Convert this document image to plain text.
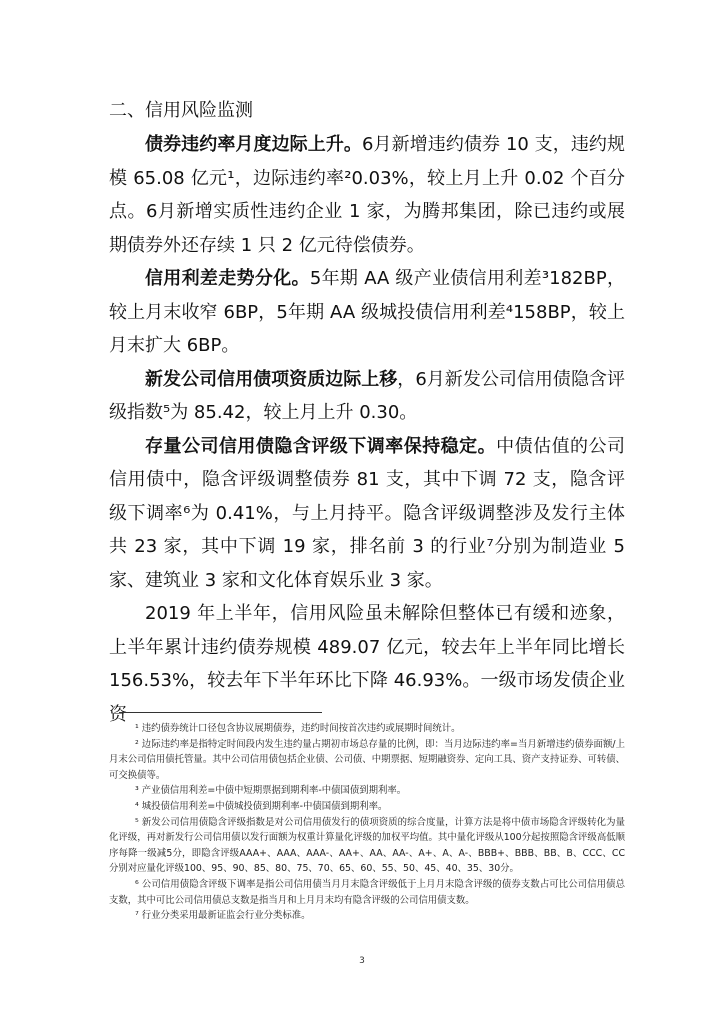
二、信用风险监测

债券违约率月度边际上升。6月新增违约债券 10 支，违约规模 65.08 亿元¹，边际违约率²0.03%，较上月上升 0.02 个百分点。6月新增实质性违约企业 1 家，为腾邦集团，除已违约或展期债券外还存续 1 只 2 亿元待偿债券。

信用利差走势分化。5年期 AA 级产业债信用利差³182BP，较上月末收窄 6BP，5年期 AA 级城投债信用利差⁴158BP，较上月末扩大 6BP。

新发公司信用债项资质边际上移，6月新发公司信用债隐含评级指数⁵为 85.42，较上月上升 0.30。

存量公司信用债隐含评级下调率保持稳定。中债估值的公司信用债中，隐含评级调整债券 81 支，其中下调 72 支，隐含评级下调率⁶为 0.41%，与上月持平。隐含评级调整涉及发行主体共 23 家，其中下调 19 家，排名前 3 的行业⁷分别为制造业 5 家、建筑业 3 家和文化体育娱乐业 3 家。

2019 年上半年，信用风险虽未解除但整体已有缓和迹象，上半年累计违约债券规模 489.07 亿元，较去年上半年同比增长 156.53%，较去年下半年环比下降 46.93%。一级市场发债企业资

¹ 违约债券统计口径包含协议展期债券，违约时间按首次违约或展期时间统计。

² 边际违约率是指特定时间段内发生违约量占期初市场总存量的比例，即：当月边际违约率=当月新增违约债券面额/上月末公司信用债托管量。其中公司信用债包括企业债、公司债、中期票据、短期融资券、定向工具、资产支持证券、可转债、可交换债等。

³ 产业债信用利差=中债中短期票据到期利率-中债国债到期利率。

⁴ 城投债信用利差=中债城投债到期利率-中债国债到期利率。

⁵ 新发公司信用债隐含评级指数是对公司信用债发行的债项资质的综合度量，计算方法是将中债市场隐含评级转化为量化评级，再对新发行公司信用债以发行面额为权重计算量化评级的加权平均值。其中量化评级从100分起按照隐含评级高低顺序每降一级减5分，即隐含评级AAA+、AAA、AAA-、AA+、AA、AA-、A+、A、A-、BBB+、BBB、BB、B、CCC、CC分别对应量化评级100、95、90、85、80、75、70、65、60、55、50、45、40、35、30分。

⁶ 公司信用债隐含评级下调率是指公司信用债当月月末隐含评级低于上月月末隐含评级的债券支数占可比公司信用债总支数，其中可比公司信用债总支数是指当月和上月月末均有隐含评级的公司信用债支数。

⁷ 行业分类采用最新证监会行业分类标准。

3
